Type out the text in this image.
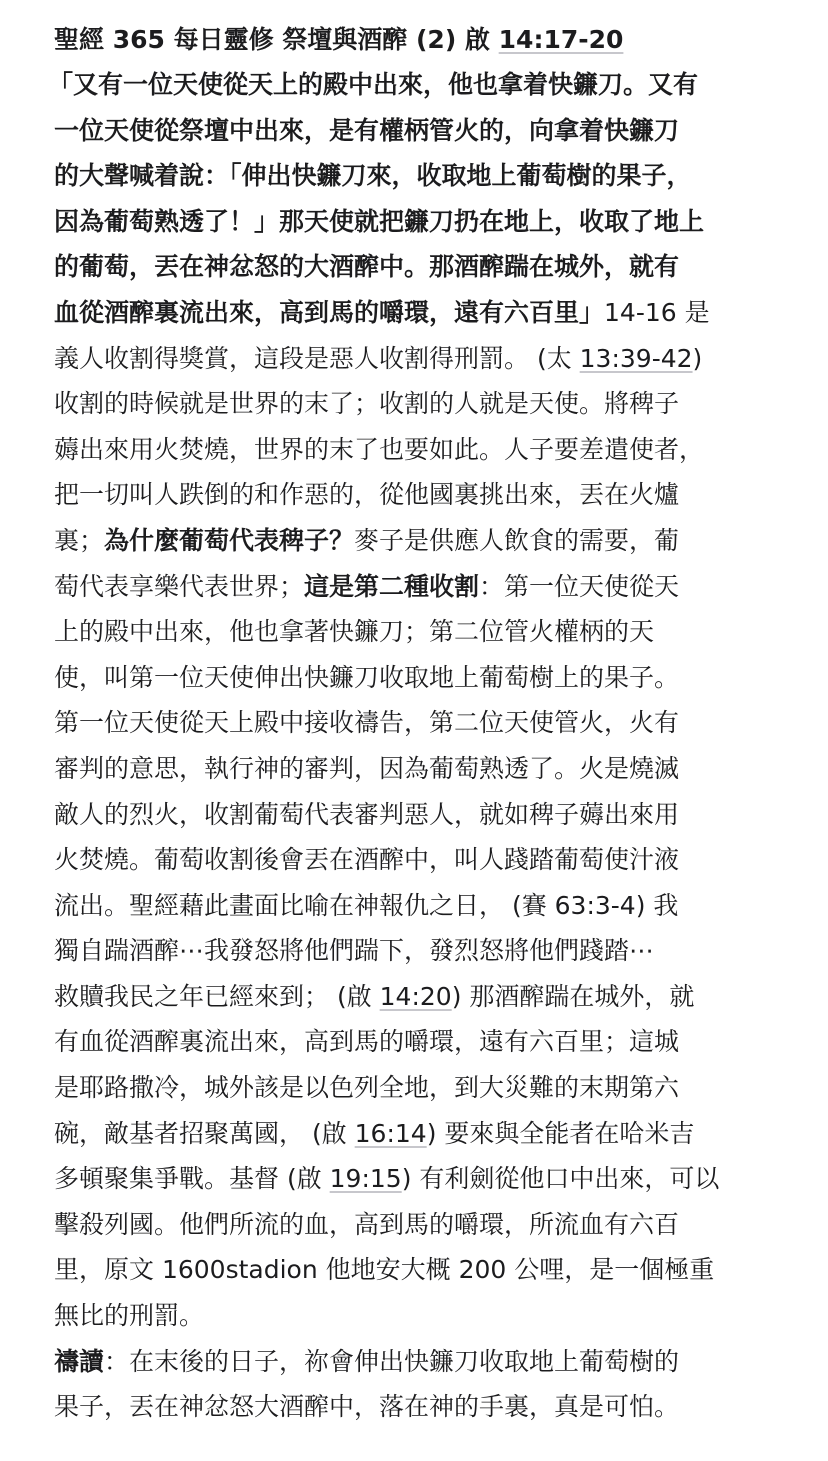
聖經 365 每日靈修 祭壇與酒醡 (2) 啟 14:17-20
「又有一位天使從天上的殿中出來，他也拿着快鐮刀。又有
一位天使從祭壇中出來，是有權柄管火的，向拿着快鐮刀
的大聲喊着說：「伸出快鐮刀來，收取地上葡萄樹的果子，
因為葡萄熟透了！」那天使就把鐮刀扔在地上，收取了地上
的葡萄，丟在神忿怒的大酒醡中。那酒醡踹在城外，就有
血從酒醡裏流出來，高到馬的嚼環，遠有六百里」14-16 是
義人收割得獎賞，這段是惡人收割得刑罰。 (太 13:39-42)
收割的時候就是世界的末了；收割的人就是天使。將稗子
薅出來用火焚燒，世界的末了也要如此。人子要差遣使者，
把一切叫人跌倒的和作惡的，從他國裏挑出來，丟在火爐
裏；為什麼葡萄代表稗子？麥子是供應人飲食的需要，葡
萄代表享樂代表世界；這是第二種收割：第一位天使從天
上的殿中出來，他也拿著快鐮刀；第二位管火權柄的天
使，叫第一位天使伸出快鐮刀收取地上葡萄樹上的果子。
第一位天使從天上殿中接收禱告，第二位天使管火，火有
審判的意思，執行神的審判，因為葡萄熟透了。火是燒滅
敵人的烈火，收割葡萄代表審判惡人，就如稗子薅出來用
火焚燒。葡萄收割後會丟在酒醡中，叫人踐踏葡萄使汁液
流出。聖經藉此畫面比喻在神報仇之日， (賽 63:3-4) 我
獨自踹酒醡⋯我發怒將他們踹下，發烈怒將他們踐踏⋯
救贖我民之年已經來到； (啟 14:20) 那酒醡踹在城外，就
有血從酒醡裏流出來，高到馬的嚼環，遠有六百里；這城
是耶路撒冷，城外該是以色列全地，到大災難的末期第六
碗，敵基者招聚萬國， (啟 16:14) 要來與全能者在哈米吉
多頓聚集爭戰。基督 (啟 19:15) 有利劍從他口中出來，可以
擊殺列國。他們所流的血，高到馬的嚼環，所流血有六百
里，原文 1600stadion 他地安大概 200 公哩，是一個極重
無比的刑罰。
禱讀：在末後的日子，祢會伸出快鐮刀收取地上葡萄樹的
果子，丟在神忿怒大酒醡中，落在神的手裏，真是可怕。
